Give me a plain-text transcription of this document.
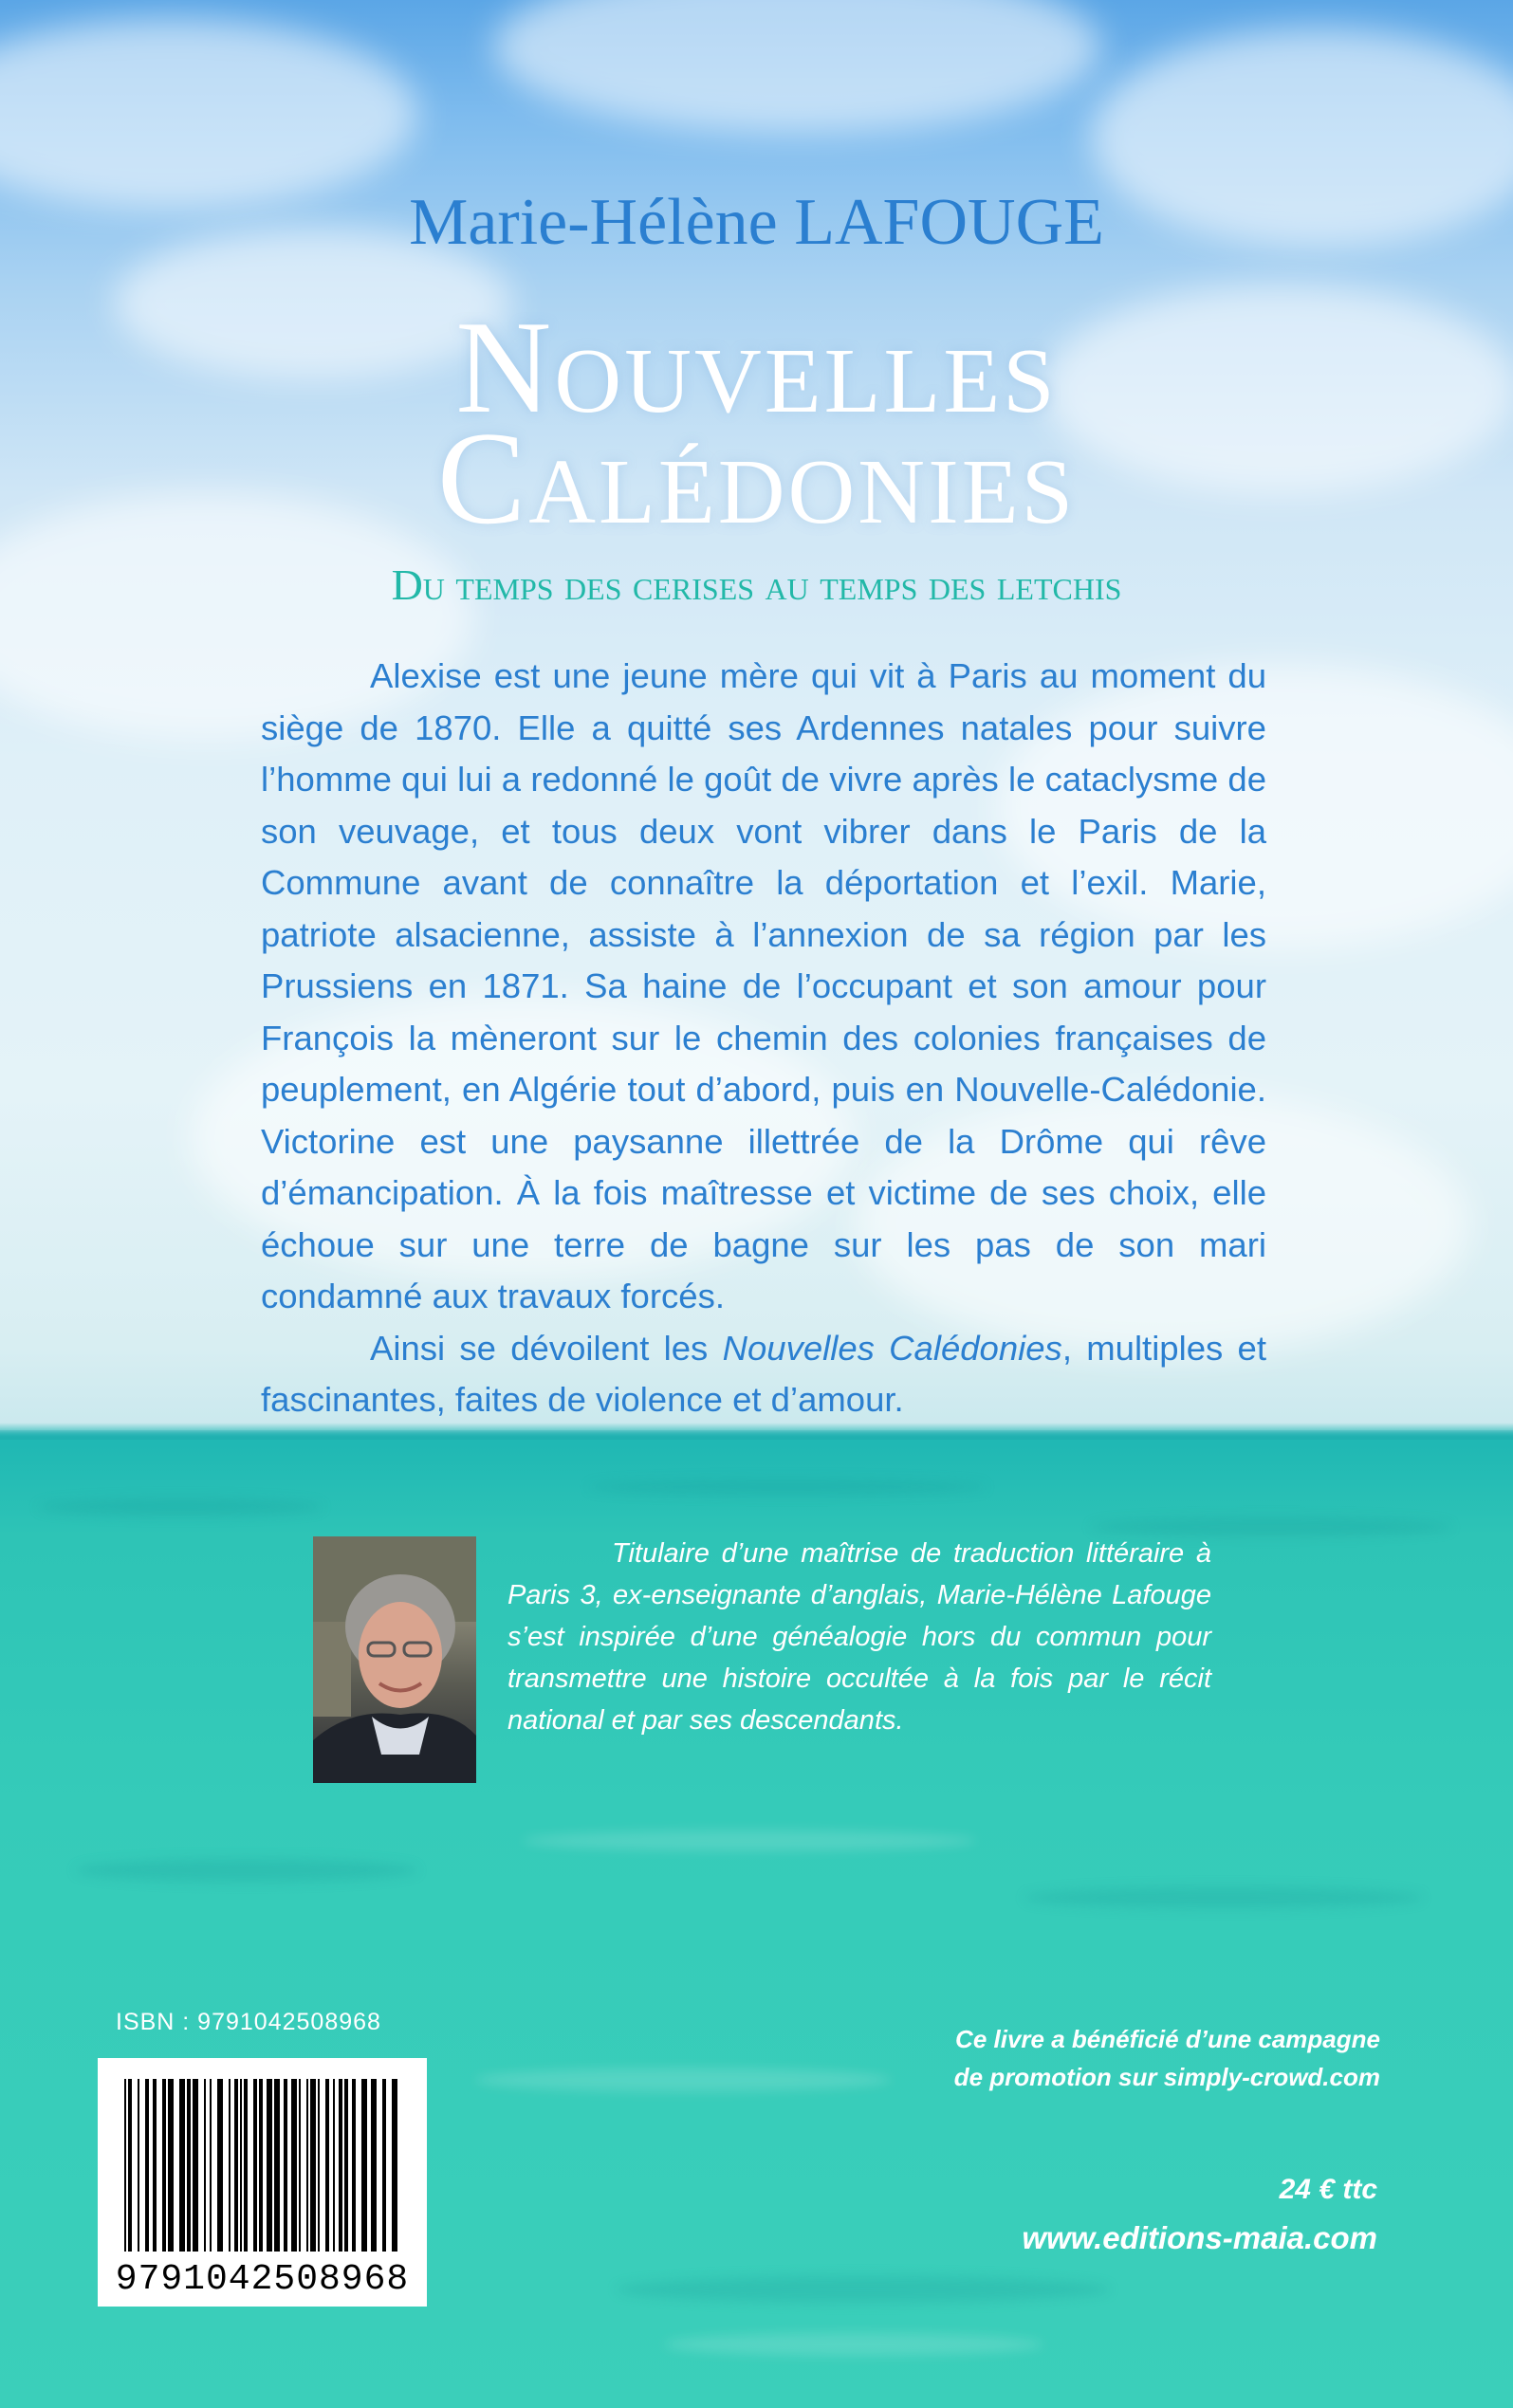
Marie-Hélène LAFOUGE
Nouvelles
Calédonies
Du temps des cerises au temps des letchis

Alexise est une jeune mère qui vit à Paris au moment du siège de 1870. Elle a quitté ses Ardennes natales pour suivre l’homme qui lui a redonné le goût de vivre après le cataclysme de son veuvage, et tous deux vont vibrer dans le Paris de la Commune avant de connaître la déportation et l’exil. Marie, patriote alsacienne, assiste à l’annexion de sa région par les Prussiens en 1871. Sa haine de l’occupant et son amour pour François la mèneront sur le chemin des colonies françaises de peuplement, en Algérie tout d’abord, puis en Nouvelle-Calédonie. Victorine est une paysanne illettrée de la Drôme qui rêve d’émancipation. À la fois maîtresse et victime de ses choix, elle échoue sur une terre de bagne sur les pas de son mari condamné aux travaux forcés.

Ainsi se dévoilent les Nouvelles Calédonies, multiples et fascinantes, faites de violence et d’amour.

Titulaire d’une maîtrise de traduction littéraire à Paris 3, ex-enseignante d’anglais, Marie-Hélène Lafouge s’est inspirée d’une généalogie hors du commun pour transmettre une histoire occultée à la fois par le récit national et par ses descendants.

ISBN : 9791042508968
9791042508968
Ce livre a bénéficié d’une campagne
de promotion sur simply-crowd.com
24 € ttc
www.editions-maia.com
